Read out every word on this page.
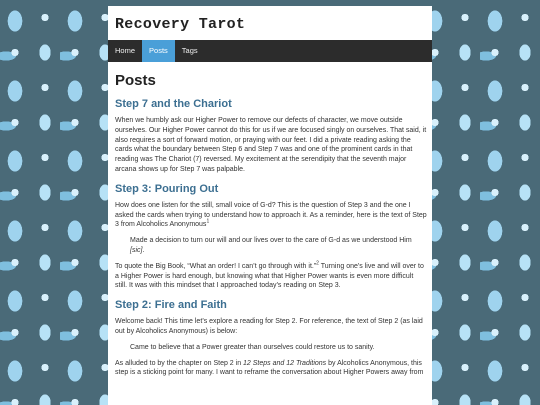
Recovery Tarot
Home	Posts	Tags
Posts
Step 7 and the Chariot

When we humbly ask our Higher Power to remove our defects of character, we move outside ourselves. Our Higher Power cannot do this for us if we are focused singly on ourselves. That said, it also requires a sort of forward motion, or praying with our feet. I did a private reading asking the cards what the boundary between Step 6 and Step 7 was and one of the prominent cards in that reading was The Chariot (7) reversed. My excitement at the serendipity that the seventh major arcana shows up for Step 7 was palpable.

Step 3: Pouring Out

How does one listen for the still, small voice of G-d? This is the question of Step 3 and the one I asked the cards when trying to understand how to approach it. As a reminder, here is the text of Step 3 from Alcoholics Anonymous$^1$

Made a decision to turn our will and our lives over to the care of G-d as we understood Him [sic].

To quote the Big Book, “What an order! I can’t go through with it.”$^2$ Turning one’s live and will over to a Higher Power is hard enough, but knowing what that Higher Power wants is even more difficult still. It was with this mindset that I approached today’s reading on Step 3.

Step 2: Fire and Faith

Welcome back! This time let’s explore a reading for Step 2. For reference, the text of Step 2 (as laid out by Alcoholics Anonymous) is below:

Came to believe that a Power greater than ourselves could restore us to sanity.

As alluded to by the chapter on Step 2 in 12 Steps and 12 Traditions by Alcoholics Anonymous, this step is a sticking point for many. I want to reframe the conversation about Higher Powers away from
